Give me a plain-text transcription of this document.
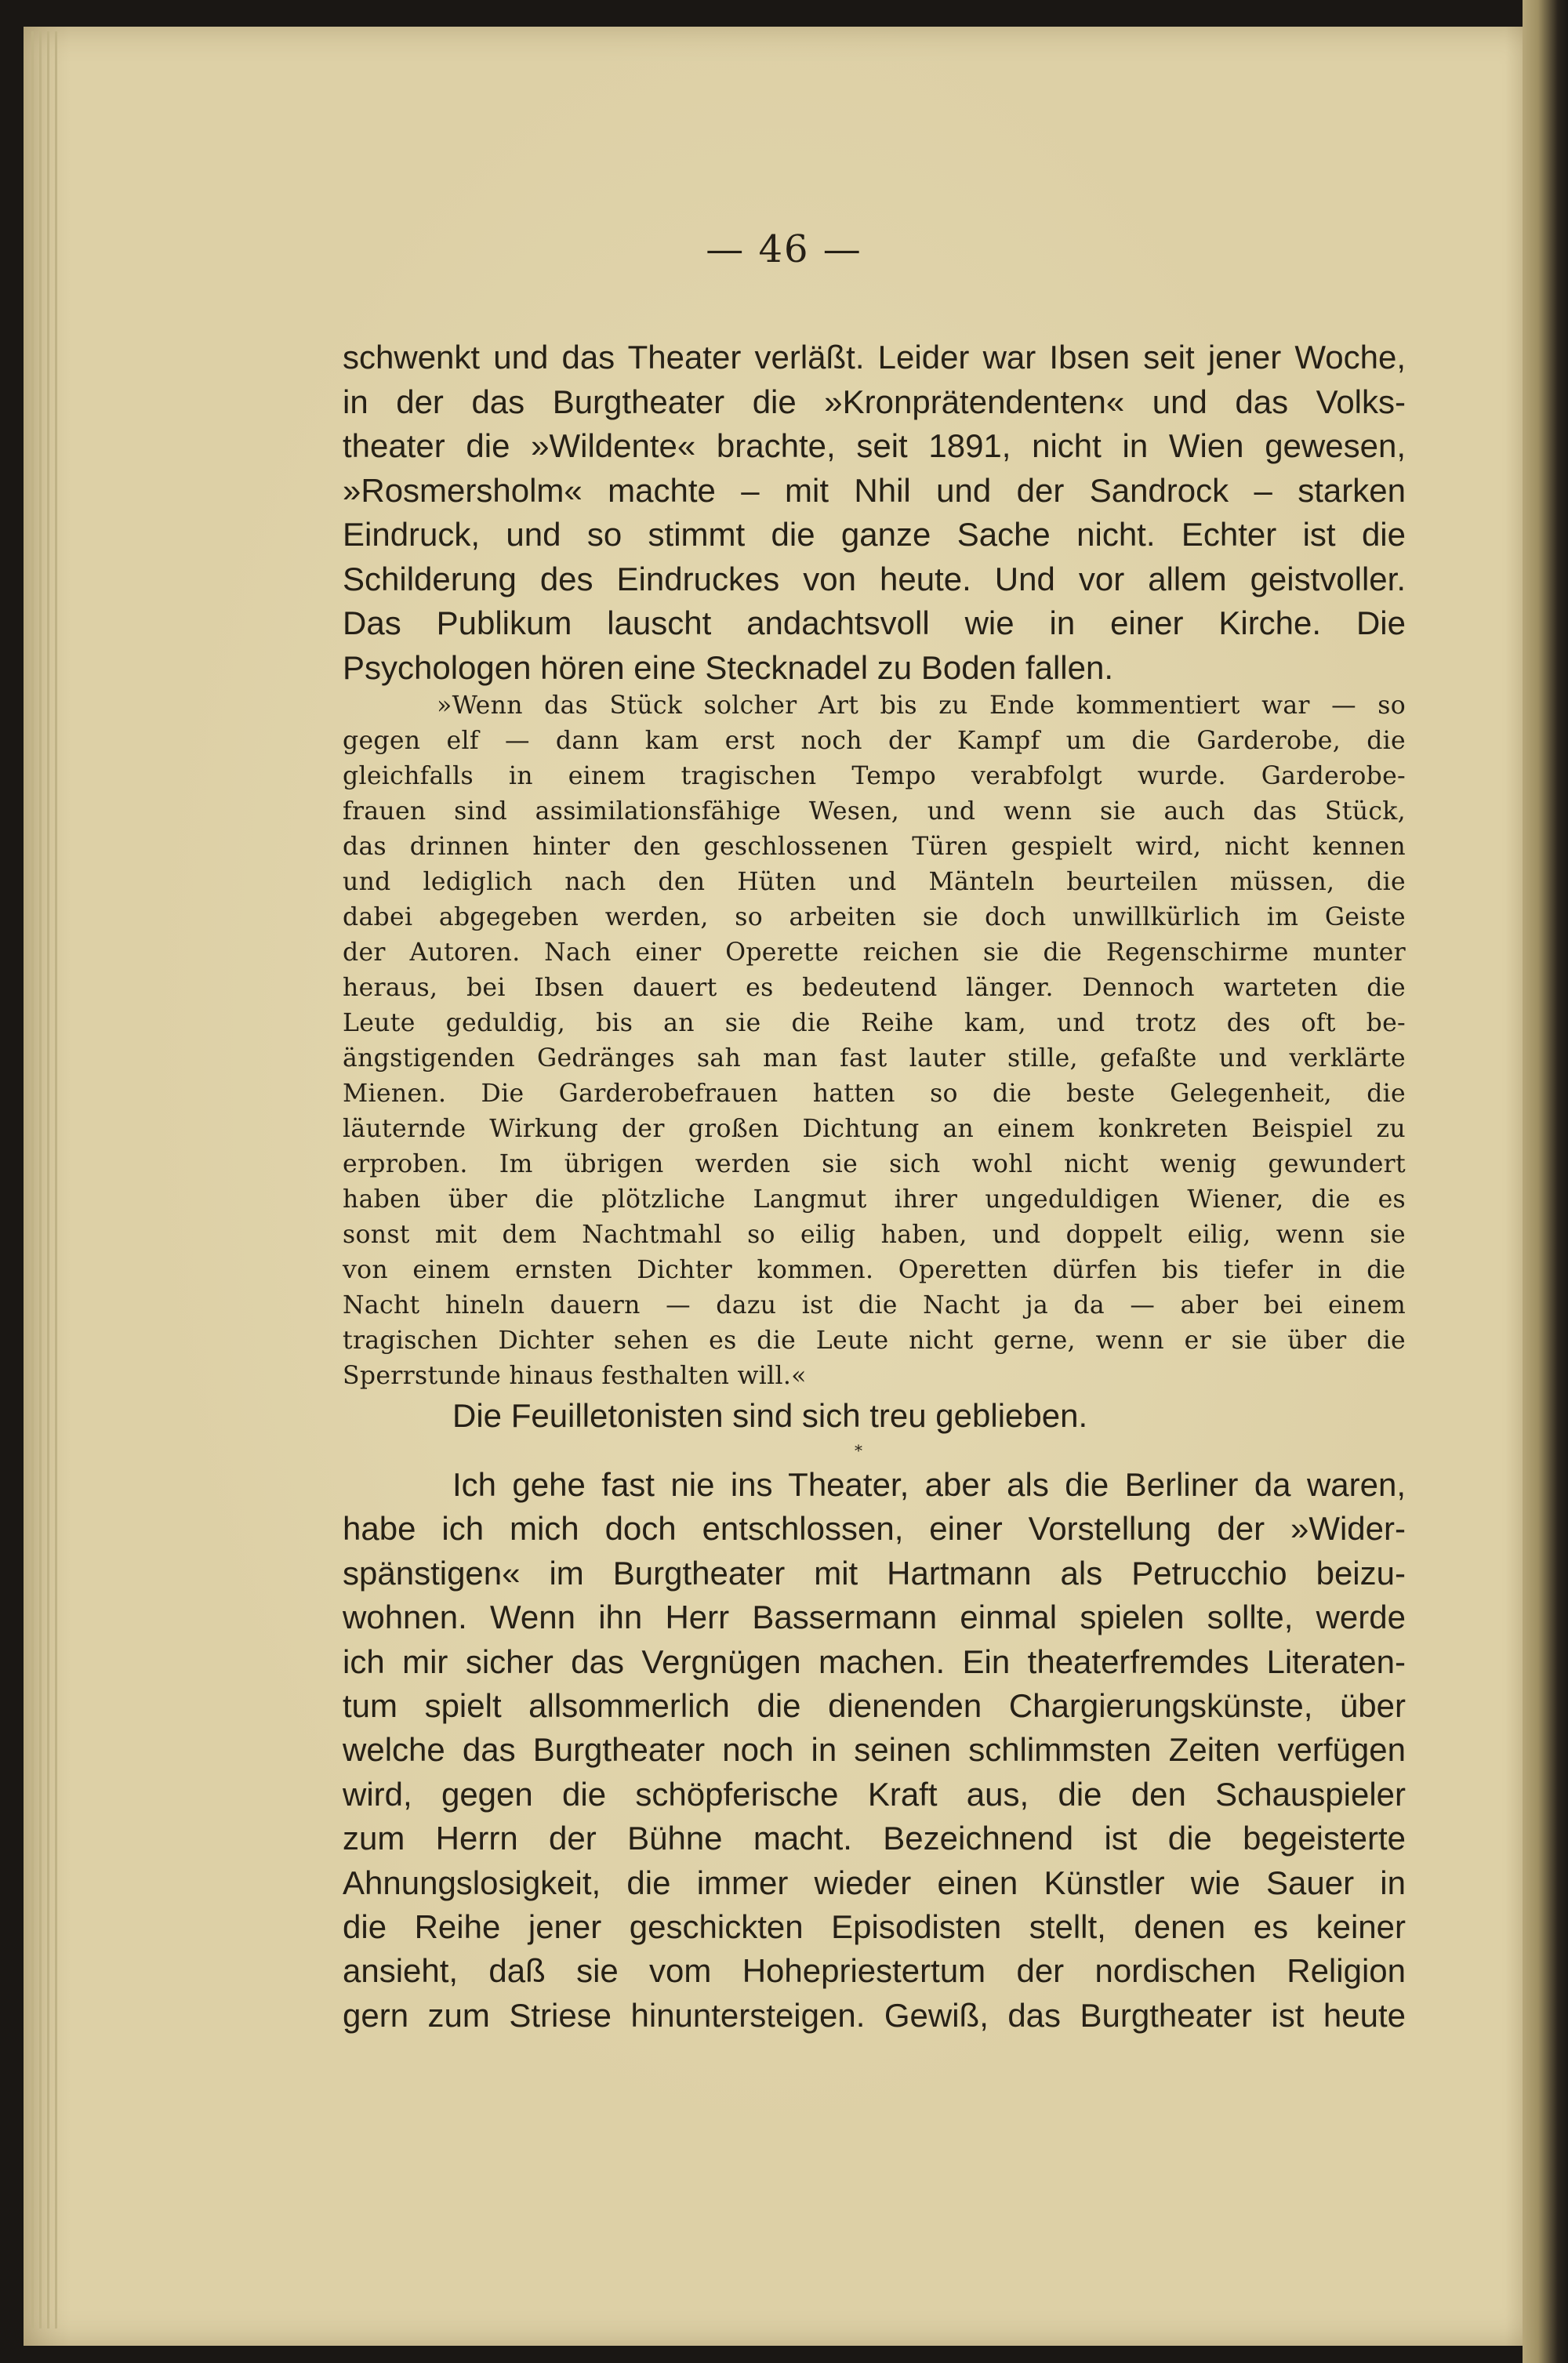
— 46 —
schwenkt und das Theater verläßt. Leider war Ibsen seit jener Woche,
in der das Burgtheater die »Kronprätendenten« und das Volks-
theater die »Wildente« brachte, seit 1891, nicht in Wien gewesen,
»Rosmersholm« machte – mit Nhil und der Sandrock – starken
Eindruck, und so stimmt die ganze Sache nicht. Echter ist die
Schilderung des Eindruckes von heute. Und vor allem geistvoller.
Das Publikum lauscht andachtsvoll wie in einer Kirche. Die
Psychologen hören eine Stecknadel zu Boden fallen.
»Wenn das Stück solcher Art bis zu Ende kommentiert war — so
gegen elf — dann kam erst noch der Kampf um die Garderobe, die
gleichfalls in einem tragischen Tempo verabfolgt wurde. Garderobe-
frauen sind assimilationsfähige Wesen, und wenn sie auch das Stück,
das drinnen hinter den geschlossenen Türen gespielt wird, nicht kennen
und lediglich nach den Hüten und Mänteln beurteilen müssen, die
dabei abgegeben werden, so arbeiten sie doch unwillkürlich im Geiste
der Autoren. Nach einer Operette reichen sie die Regenschirme munter
heraus, bei Ibsen dauert es bedeutend länger. Dennoch warteten die
Leute geduldig, bis an sie die Reihe kam, und trotz des oft be-
ängstigenden Gedränges sah man fast lauter stille, gefaßte und verklärte
Mienen. Die Garderobefrauen hatten so die beste Gelegenheit, die
läuternde Wirkung der großen Dichtung an einem konkreten Beispiel zu
erproben. Im übrigen werden sie sich wohl nicht wenig gewundert
haben über die plötzliche Langmut ihrer ungeduldigen Wiener, die es
sonst mit dem Nachtmahl so eilig haben, und doppelt eilig, wenn sie
von einem ernsten Dichter kommen. Operetten dürfen bis tiefer in die
Nacht hineln dauern — dazu ist die Nacht ja da — aber bei einem
tragischen Dichter sehen es die Leute nicht gerne, wenn er sie über die
Sperrstunde hinaus festhalten will.«
Die Feuilletonisten sind sich treu geblieben.
*
Ich gehe fast nie ins Theater, aber als die Berliner da waren,
habe ich mich doch entschlossen, einer Vorstellung der »Wider-
spänstigen« im Burgtheater mit Hartmann als Petrucchio beizu-
wohnen. Wenn ihn Herr Bassermann einmal spielen sollte, werde
ich mir sicher das Vergnügen machen. Ein theaterfremdes Literaten-
tum spielt allsommerlich die dienenden Chargierungskünste, über
welche das Burgtheater noch in seinen schlimmsten Zeiten verfügen
wird, gegen die schöpferische Kraft aus, die den Schauspieler
zum Herrn der Bühne macht. Bezeichnend ist die begeisterte
Ahnungslosigkeit, die immer wieder einen Künstler wie Sauer in
die Reihe jener geschickten Episodisten stellt, denen es keiner
ansieht, daß sie vom Hohepriestertum der nordischen Religion
gern zum Striese hinuntersteigen. Gewiß, das Burgtheater ist heute
